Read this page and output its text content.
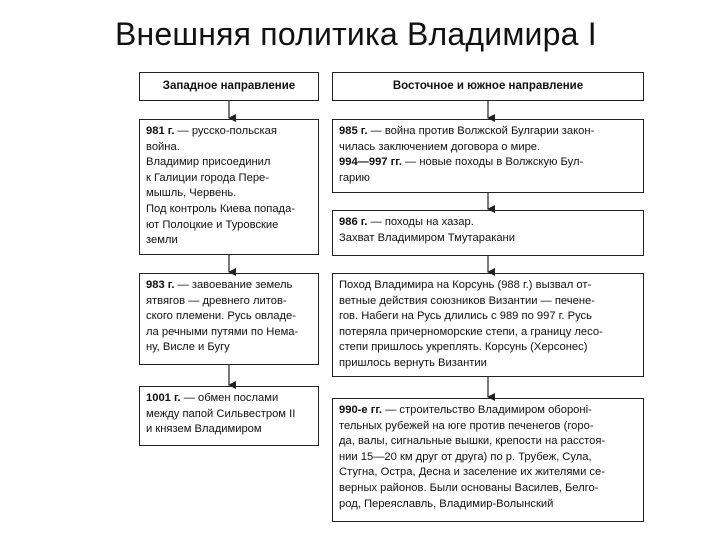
Внешняя политика Владимира I
Западное направление	Восточное и южное направление
981 г. — русско-польская
война.
Владимир присоединил
к Галиции города Пере-
мышль, Червень.
Под контроль Киева попада-
ют Полоцкие и Туровские
земли
983 г. — завоевание земель
ятвягов — древнего литов-
ского племени. Русь овладе-
ла речными путями по Нема-
ну, Висле и Бугу
1001 г. — обмен послами
между папой Сильвестром II
и князем Владимиром
985 г. — война против Волжской Булгарии закон-
чилась заключением договора о мире.
994—997 гг. — новые походы в Волжскую Бул-
гарию
986 г. — походы на хазар.
Захват Владимиром Тмутаракани
Поход Владимира на Корсунь (988 г.) вызвал от-
ветные действия союзников Византии — печене-
гов. Набеги на Русь длились с 989 по 997 г. Русь
потеряла причерноморские степи, а границу лесо-
степи пришлось укреплять. Корсунь (Херсонес)
пришлось вернуть Византии
990-е гг. — строительство Владимиром обороні-
тельных рубежей на юге против печенегов (горо-
да, валы, сигнальные вышки, крепости на расстоя-
нии 15—20 км друг от друга) по р. Трубеж, Сула,
Стугна, Остра, Десна и заселение их жителями се-
верных районов. Были основаны Василев, Белго-
род, Переяславль, Владимир-Волынский
